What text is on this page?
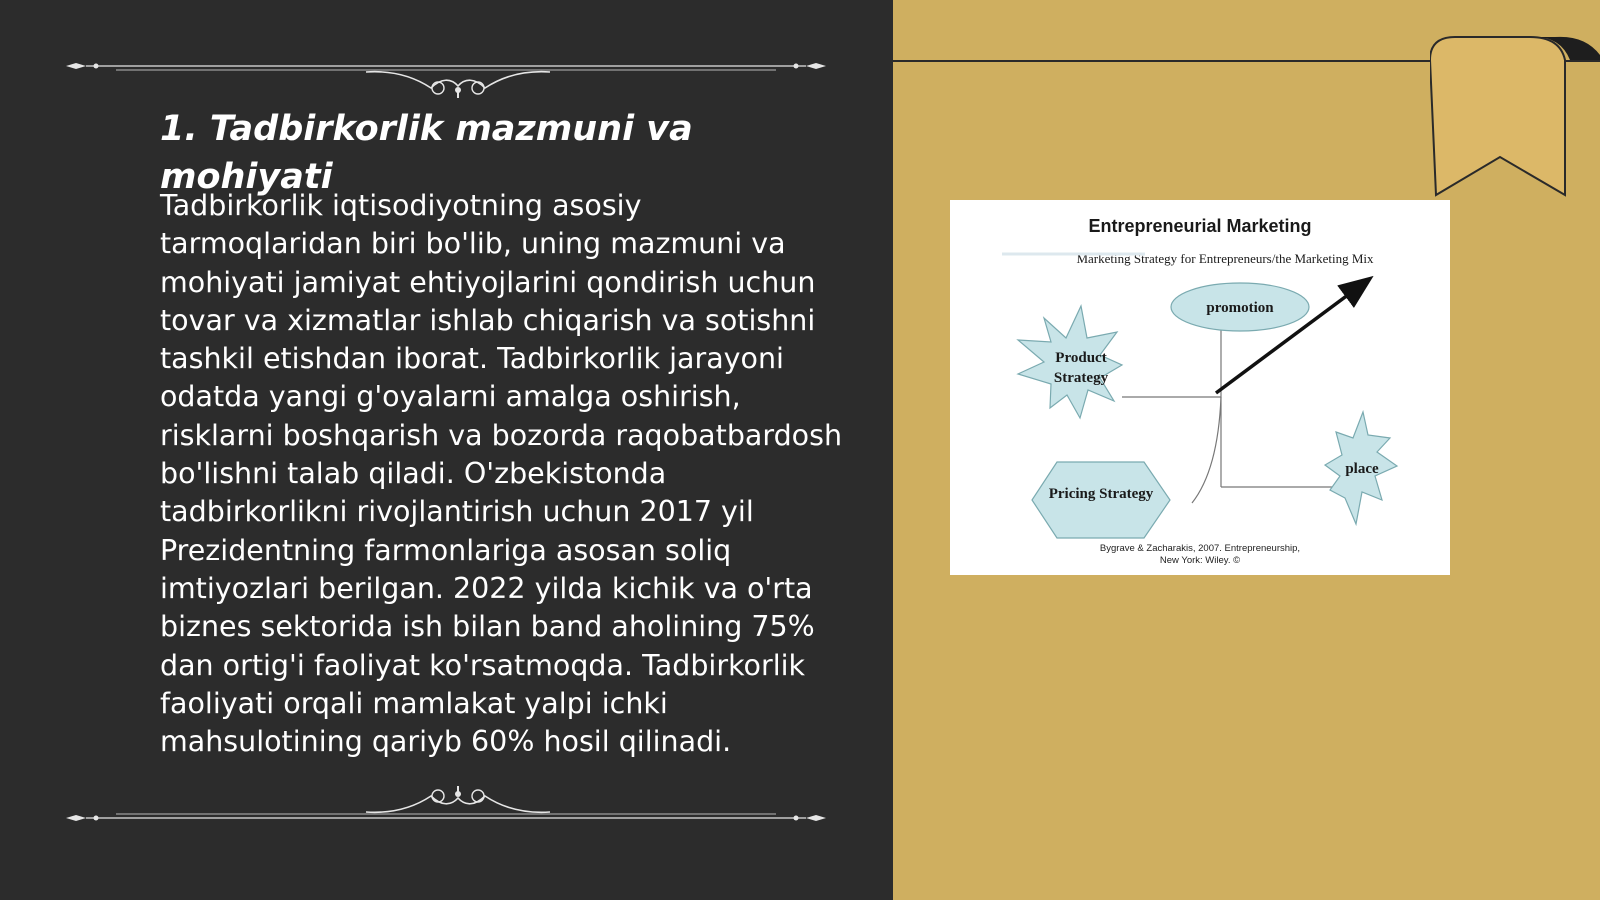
1. Tadbirkorlik mazmuni va mohiyati

Tadbirkorlik iqtisodiyotning asosiy tarmoqlaridan biri bo'lib, uning mazmuni va mohiyati jamiyat ehtiyojlarini qondirish uchun tovar va xizmatlar ishlab chiqarish va sotishni tashkil etishdan iborat. Tadbirkorlik jarayoni odatda yangi g'oyalarni amalga oshirish, risklarni boshqarish va bozorda raqobatbardosh bo'lishni talab qiladi. O'zbekistonda tadbirkorlikni rivojlantirish uchun 2017 yil Prezidentning farmonlariga asosan soliq imtiyozlari berilgan. 2022 yilda kichik va o'rta biznes sektorida ish bilan band aholining 75% dan ortig'i faoliyat ko'rsatmoqda. Tadbirkorlik faoliyati orqali mamlakat yalpi ichki mahsulotining qariyb 60% hosil qilinadi.

Entrepreneurial Marketing
Marketing Strategy for Entrepreneurs/the Marketing Mix
promotion
Product
Strategy
Pricing Strategy
place
Bygrave & Zacharakis, 2007. Entrepreneurship,
New York: Wiley. ©
